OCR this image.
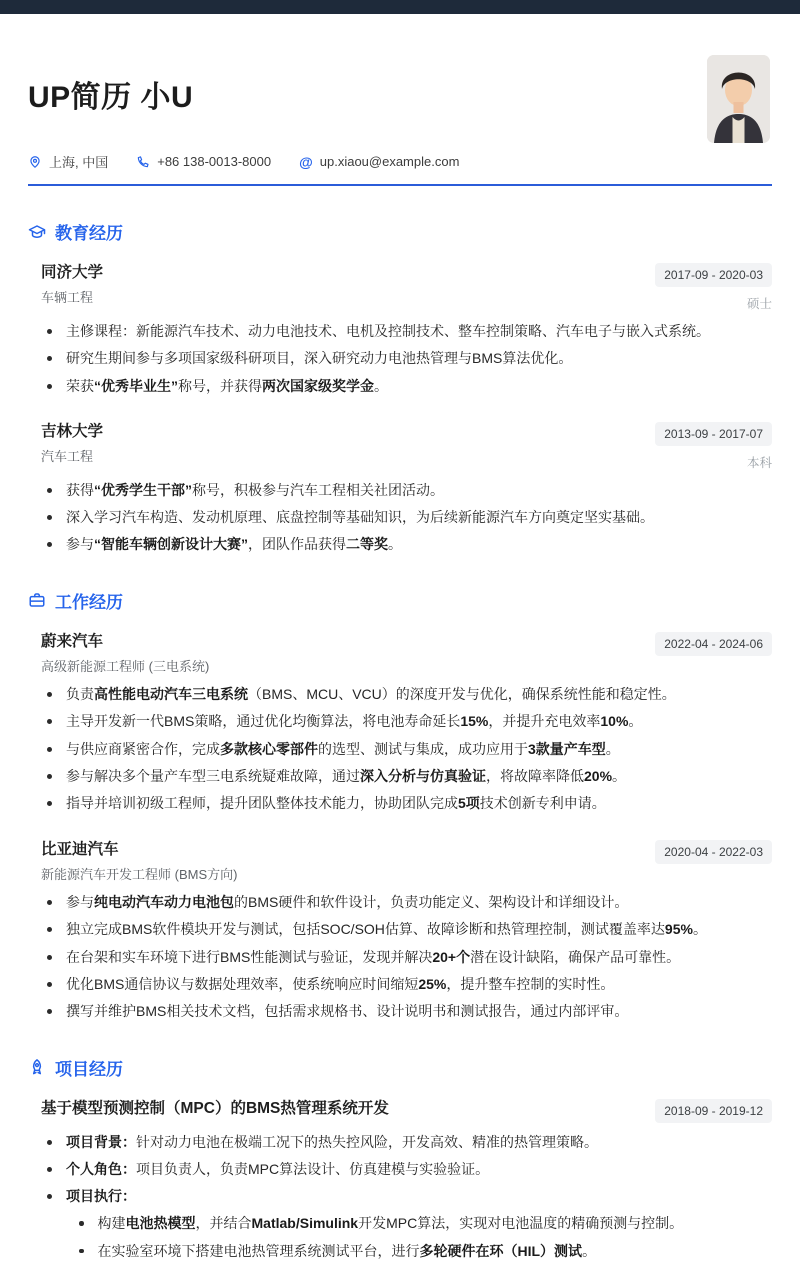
UP简历 小U
上海, 中国	+86 138-0013-8000 @ up.xiaou@example.com
教育经历
同济大学
车辆工程
2017-09 - 2020-03
硕士
主修课程：新能源汽车技术、动力电池技术、电机及控制技术、整车控制策略、汽车电子与嵌入式系统。
研究生期间参与多项国家级科研项目，深入研究动力电池热管理与BMS算法优化。
荣获“优秀毕业生”称号，并获得两次国家级奖学金。
吉林大学
汽车工程
2013-09 - 2017-07
本科
获得“优秀学生干部”称号，积极参与汽车工程相关社团活动。
深入学习汽车构造、发动机原理、底盘控制等基础知识，为后续新能源汽车方向奠定坚实基础。
参与“智能车辆创新设计大赛”，团队作品获得二等奖。
工作经历
蔚来汽车
高级新能源工程师 (三电系统)
2022-04 - 2024-06
负责高性能电动汽车三电系统（BMS、MCU、VCU）的深度开发与优化，确保系统性能和稳定性。
主导开发新一代BMS策略，通过优化均衡算法，将电池寿命延长15%，并提升充电效率10%。
与供应商紧密合作，完成多款核心零部件的选型、测试与集成，成功应用于3款量产车型。
参与解决多个量产车型三电系统疑难故障，通过深入分析与仿真验证，将故障率降低20%。
指导并培训初级工程师，提升团队整体技术能力，协助团队完成5项技术创新专利申请。
比亚迪汽车
新能源汽车开发工程师 (BMS方向)
2020-04 - 2022-03
参与纯电动汽车动力电池包的BMS硬件和软件设计，负责功能定义、架构设计和详细设计。
独立完成BMS软件模块开发与测试，包括SOC/SOH估算、故障诊断和热管理控制，测试覆盖率达95%。
在台架和实车环境下进行BMS性能测试与验证，发现并解决20+个潜在设计缺陷，确保产品可靠性。
优化BMS通信协议与数据处理效率，使系统响应时间缩短25%，提升整车控制的实时性。
撰写并维护BMS相关技术文档，包括需求规格书、设计说明书和测试报告，通过内部评审。
项目经历
基于模型预测控制（MPC）的BMS热管理系统开发	2018-09 - 2019-12
项目背景：针对动力电池在极端工况下的热失控风险，开发高效、精准的热管理策略。
个人角色：项目负责人，负责MPC算法设计、仿真建模与实验验证。
项目执行：
构建电池热模型，并结合Matlab/Simulink开发MPC算法，实现对电池温度的精确预测与控制。
在实验室环境下搭建电池热管理系统测试平台，进行多轮硬件在环（HIL）测试。
